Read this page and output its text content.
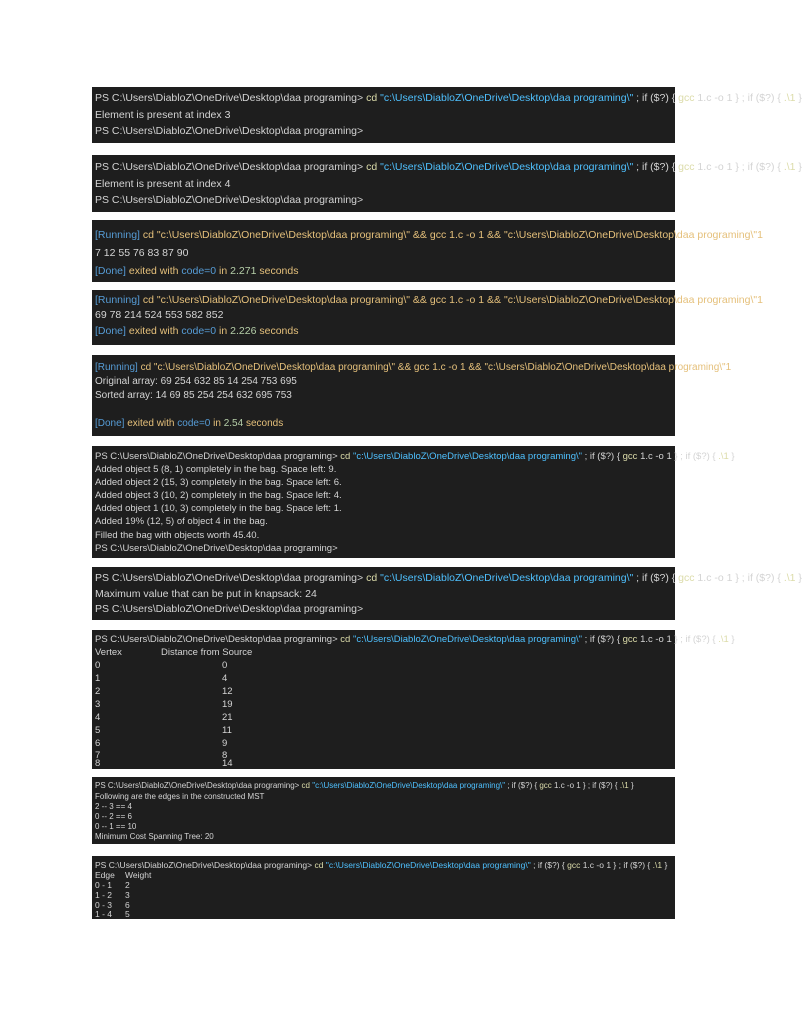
PS C:\Users\DiabloZ\OneDrive\Desktop\daa programing> cd "c:\Users\DiabloZ\OneDrive\Desktop\daa programing\" ; if ($?) { gcc 1.c -o 1 } ; if ($?) { .\1 }

Element is present at index 3

PS C:\Users\DiabloZ\OneDrive\Desktop\daa programing>

PS C:\Users\DiabloZ\OneDrive\Desktop\daa programing> cd "c:\Users\DiabloZ\OneDrive\Desktop\daa programing\" ; if ($?) { gcc 1.c -o 1 } ; if ($?) { .\1 }

Element is present at index 4

PS C:\Users\DiabloZ\OneDrive\Desktop\daa programing>

[Running] cd "c:\Users\DiabloZ\OneDrive\Desktop\daa programing\" && gcc 1.c -o 1 && "c:\Users\DiabloZ\OneDrive\Desktop\daa programing\"1

7 12 55 76 83 87 90

[Done] exited with code=0 in 2.271 seconds

[Running] cd "c:\Users\DiabloZ\OneDrive\Desktop\daa programing\" && gcc 1.c -o 1 && "c:\Users\DiabloZ\OneDrive\Desktop\daa programing\"1

69 78 214 524 553 582 852

[Done] exited with code=0 in 2.226 seconds

[Running] cd "c:\Users\DiabloZ\OneDrive\Desktop\daa programing\" && gcc 1.c -o 1 && "c:\Users\DiabloZ\OneDrive\Desktop\daa programing\"1

Original array: 69 254 632 85 14 254 753 695

Sorted array: 14 69 85 254 254 632 695 753

[Done] exited with code=0 in 2.54 seconds

PS C:\Users\DiabloZ\OneDrive\Desktop\daa programing> cd "c:\Users\DiabloZ\OneDrive\Desktop\daa programing\" ; if ($?) { gcc 1.c -o 1 } ; if ($?) { .\1 }

Added object 5 (8, 1) completely in the bag. Space left: 9.

Added object 2 (15, 3) completely in the bag. Space left: 6.

Added object 3 (10, 2) completely in the bag. Space left: 4.

Added object 1 (10, 3) completely in the bag. Space left: 1.

Added 19% (12, 5) of object 4 in the bag.

Filled the bag with objects worth 45.40.

PS C:\Users\DiabloZ\OneDrive\Desktop\daa programing>

PS C:\Users\DiabloZ\OneDrive\Desktop\daa programing> cd "c:\Users\DiabloZ\OneDrive\Desktop\daa programing\" ; if ($?) { gcc 1.c -o 1 } ; if ($?) { .\1 }

Maximum value that can be put in knapsack: 24

PS C:\Users\DiabloZ\OneDrive\Desktop\daa programing>

PS C:\Users\DiabloZ\OneDrive\Desktop\daa programing> cd "c:\Users\DiabloZ\OneDrive\Desktop\daa programing\" ; if ($?) { gcc 1.c -o 1 } ; if ($?) { .\1 }

Vertex	Distance from Source

0	0

1	4

2	12

3	19

4	21

5	11

6	9

7	8

8	14

PS C:\Users\DiabloZ\OneDrive\Desktop\daa programing> cd "c:\Users\DiabloZ\OneDrive\Desktop\daa programing\" ; if ($?) { gcc 1.c -o 1 } ; if ($?) { .\1 }

Following are the edges in the constructed MST

2 -- 3 == 4

0 -- 2 == 6

0 -- 1 == 10

Minimum Cost Spanning Tree: 20

PS C:\Users\DiabloZ\OneDrive\Desktop\daa programing> cd "c:\Users\DiabloZ\OneDrive\Desktop\daa programing\" ; if ($?) { gcc 1.c -o 1 } ; if ($?) { .\1 }

Edge Weight

0 - 1 2

1 - 2 3

0 - 3 6

1 - 4 5
